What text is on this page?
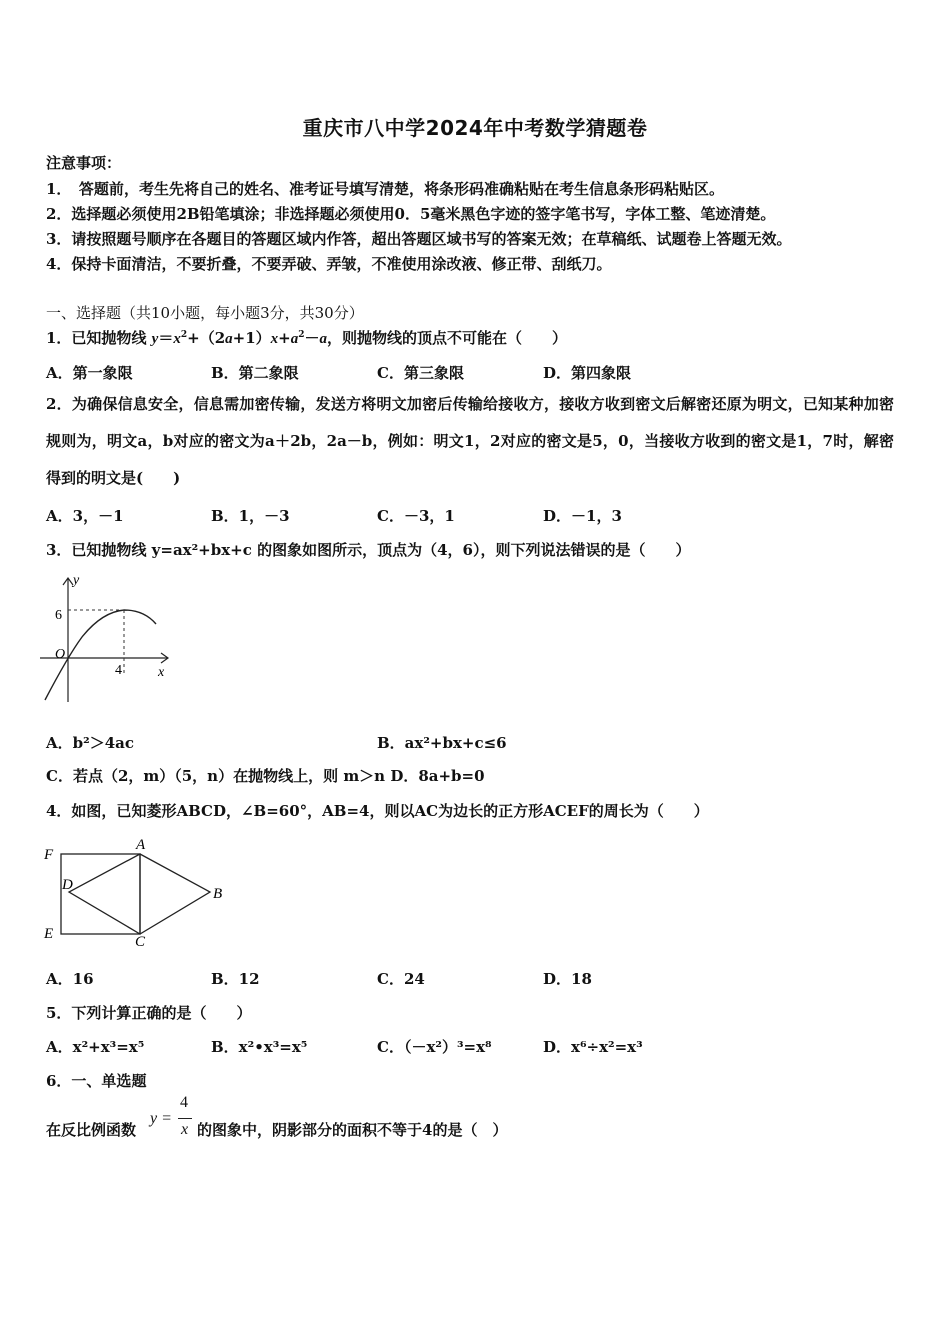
重庆市八中学2024年中考数学猜题卷
注意事项：
1．　答题前，考生先将自己的姓名、准考证号填写清楚，将条形码准确粘贴在考生信息条形码粘贴区。
2．选择题必须使用2B铅笔填涂；非选择题必须使用0．5毫米黑色字迹的签字笔书写，字体工整、笔迹清楚。
3．请按照题号顺序在各题目的答题区域内作答，超出答题区域书写的答案无效；在草稿纸、试题卷上答题无效。
4．保持卡面清洁，不要折叠，不要弄破、弄皱，不准使用涂改液、修正带、刮纸刀。
一、选择题（共10小题，每小题3分，共30分）
1．已知抛物线 $y=x^2+(2a+1)x+a^2-a$，则抛物线的顶点不可能在（　　）
A．第一象限	B．第二象限	C．第三象限	D．第四象限
2．为确保信息安全，信息需加密传输，发送方将明文加密后传输给接收方，接收方收到密文后解密还原为明文，已知某种加密规则为，明文a，b对应的密文为a＋2b，2a－b，例如：明文1，2对应的密文是5，0，当接收方收到的密文是1，7时，解密得到的明文是(　　)
A．3，－1	B．1，－3	C．－3，1	D．－1，3
3．已知抛物线 y=ax²+bx+c 的图象如图所示，顶点为（4，6），则下列说法错误的是（　　）
y
x
O
6
4
A．b²＞4ac	B．ax²+bx+c≤6
C．若点（2，m）（5，n）在抛物线上，则 m＞n D．8a+b=0
4．如图，已知菱形ABCD，∠B=60°，AB=4，则以AC为边长的正方形ACEF的周长为（　　）
F
A
D
B
E	C
A．16	B．12	C．24	D．18
5．下列计算正确的是（　　）
A．x²+x³=x⁵	B．x²•x³=x⁵	C．（－x²）³=x⁸	D．x⁶÷x²=x³
6．一、单选题
在反比例函数
y =
4
x 的图象中，阴影部分的面积不等于4的是（　）
